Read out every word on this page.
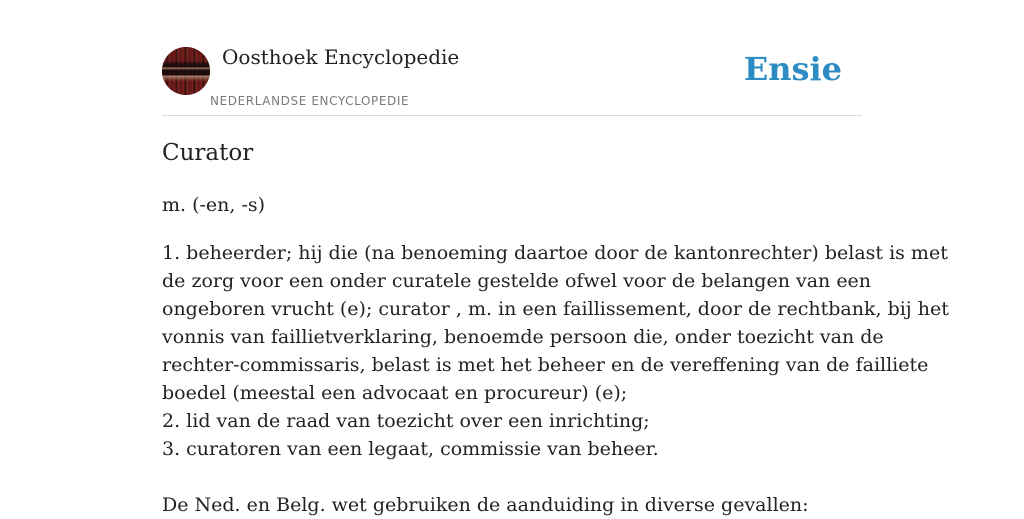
Oosthoek Encyclopedie
NEDERLANDSE ENCYCLOPEDIE
Ensie
Curator

m. (-en, -s)

1. beheerder; hij die (na benoeming daartoe door de kantonrechter) belast is met
de zorg voor een onder curatele gestelde ofwel voor de belangen van een
ongeboren vrucht (e); curator , m. in een faillissement, door de rechtbank, bij het
vonnis van faillietverklaring, benoemde persoon die, onder toezicht van de
rechter-commissaris, belast is met het beheer en de vereffening van de failliete
boedel (meestal een advocaat en procureur) (e);
2. lid van de raad van toezicht over een inrichting;
3. curatoren van een legaat, commissie van beheer.
De Ned. en Belg. wet gebruiken de aanduiding in diverse gevallen:
